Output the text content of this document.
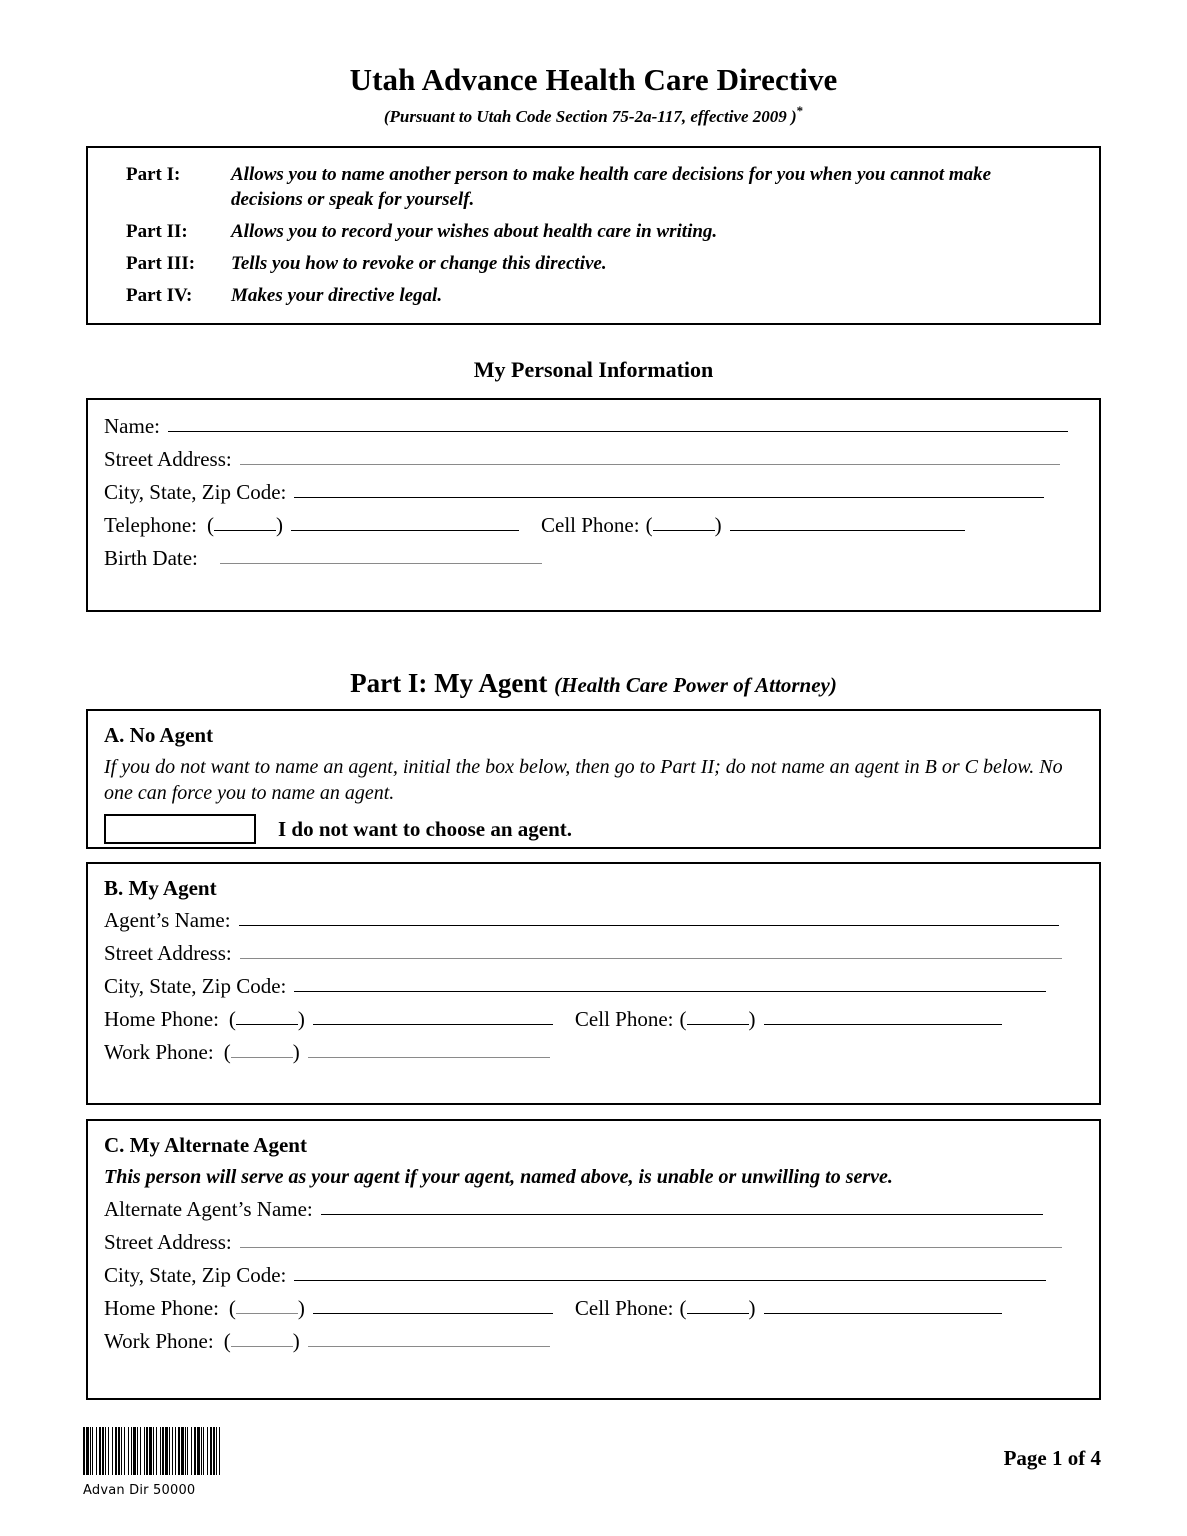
Utah Advance Health Care Directive
(Pursuant to Utah Code Section 75-2a-117, effective 2009 )*
Part I:	Allows you to name another person to make health care decisions for you when you cannot make decisions or speak for yourself.
Part II:	Allows you to record your wishes about health care in writing.
Part III:	Tells you how to revoke or change this directive.
Part IV:	Makes your directive legal.
My Personal Information
Name:
Street Address:
City, State, Zip Code:
Telephone: (	)	Cell Phone: (	)
Birth Date:
Part I: My Agent (Health Care Power of Attorney)
A. No Agent
If you do not want to name an agent, initial the box below, then go to Part II; do not name an agent in B or C below. No one can force you to name an agent.
I do not want to choose an agent.
B. My Agent
Agent’s Name:
Street Address:
City, State, Zip Code:
Home Phone: (	)	Cell Phone: (	)
Work Phone: (	)
C. My Alternate Agent
This person will serve as your agent if your agent, named above, is unable or unwilling to serve.
Alternate Agent’s Name:
Street Address:
City, State, Zip Code:
Home Phone: (	)	Cell Phone: (	)
Work Phone: (	)
Advan Dir 50000
Page 1 of 4
